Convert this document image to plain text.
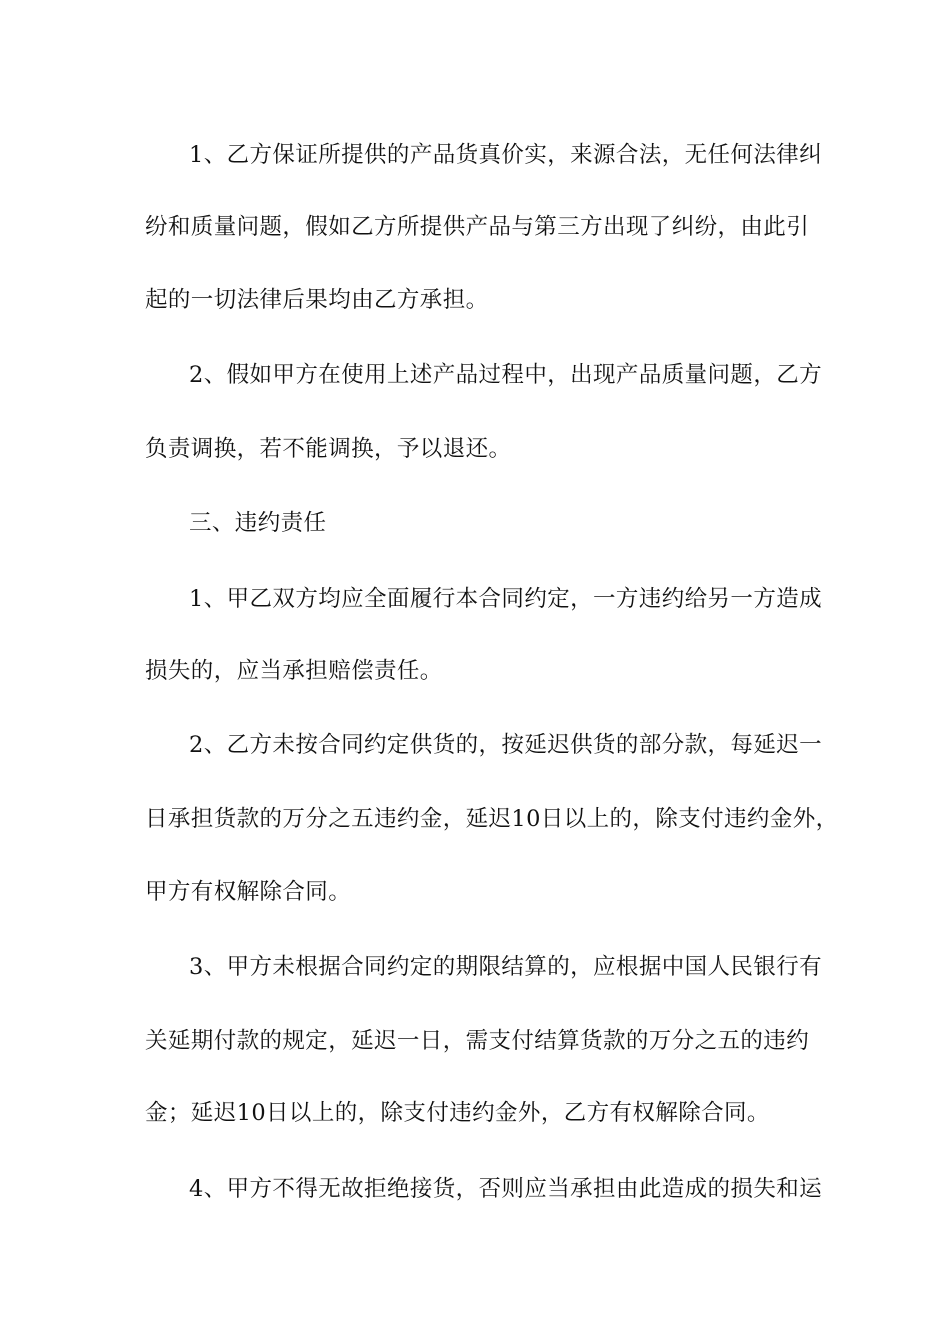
1、乙方保证所提供的产品货真价实，来源合法，无任何法律纠
纷和质量问题，假如乙方所提供产品与第三方出现了纠纷，由此引
起的一切法律后果均由乙方承担。
2、假如甲方在使用上述产品过程中，出现产品质量问题，乙方
负责调换，若不能调换，予以退还。
三、违约责任
1、甲乙双方均应全面履行本合同约定，一方违约给另一方造成
损失的，应当承担赔偿责任。
2、乙方未按合同约定供货的，按延迟供货的部分款，每延迟一
日承担货款的万分之五违约金，延迟10日以上的，除支付违约金外，
甲方有权解除合同。
3、甲方未根据合同约定的期限结算的，应根据中国人民银行有
关延期付款的规定，延迟一日，需支付结算货款的万分之五的违约
金；延迟10日以上的，除支付违约金外，乙方有权解除合同。
4、甲方不得无故拒绝接货，否则应当承担由此造成的损失和运
